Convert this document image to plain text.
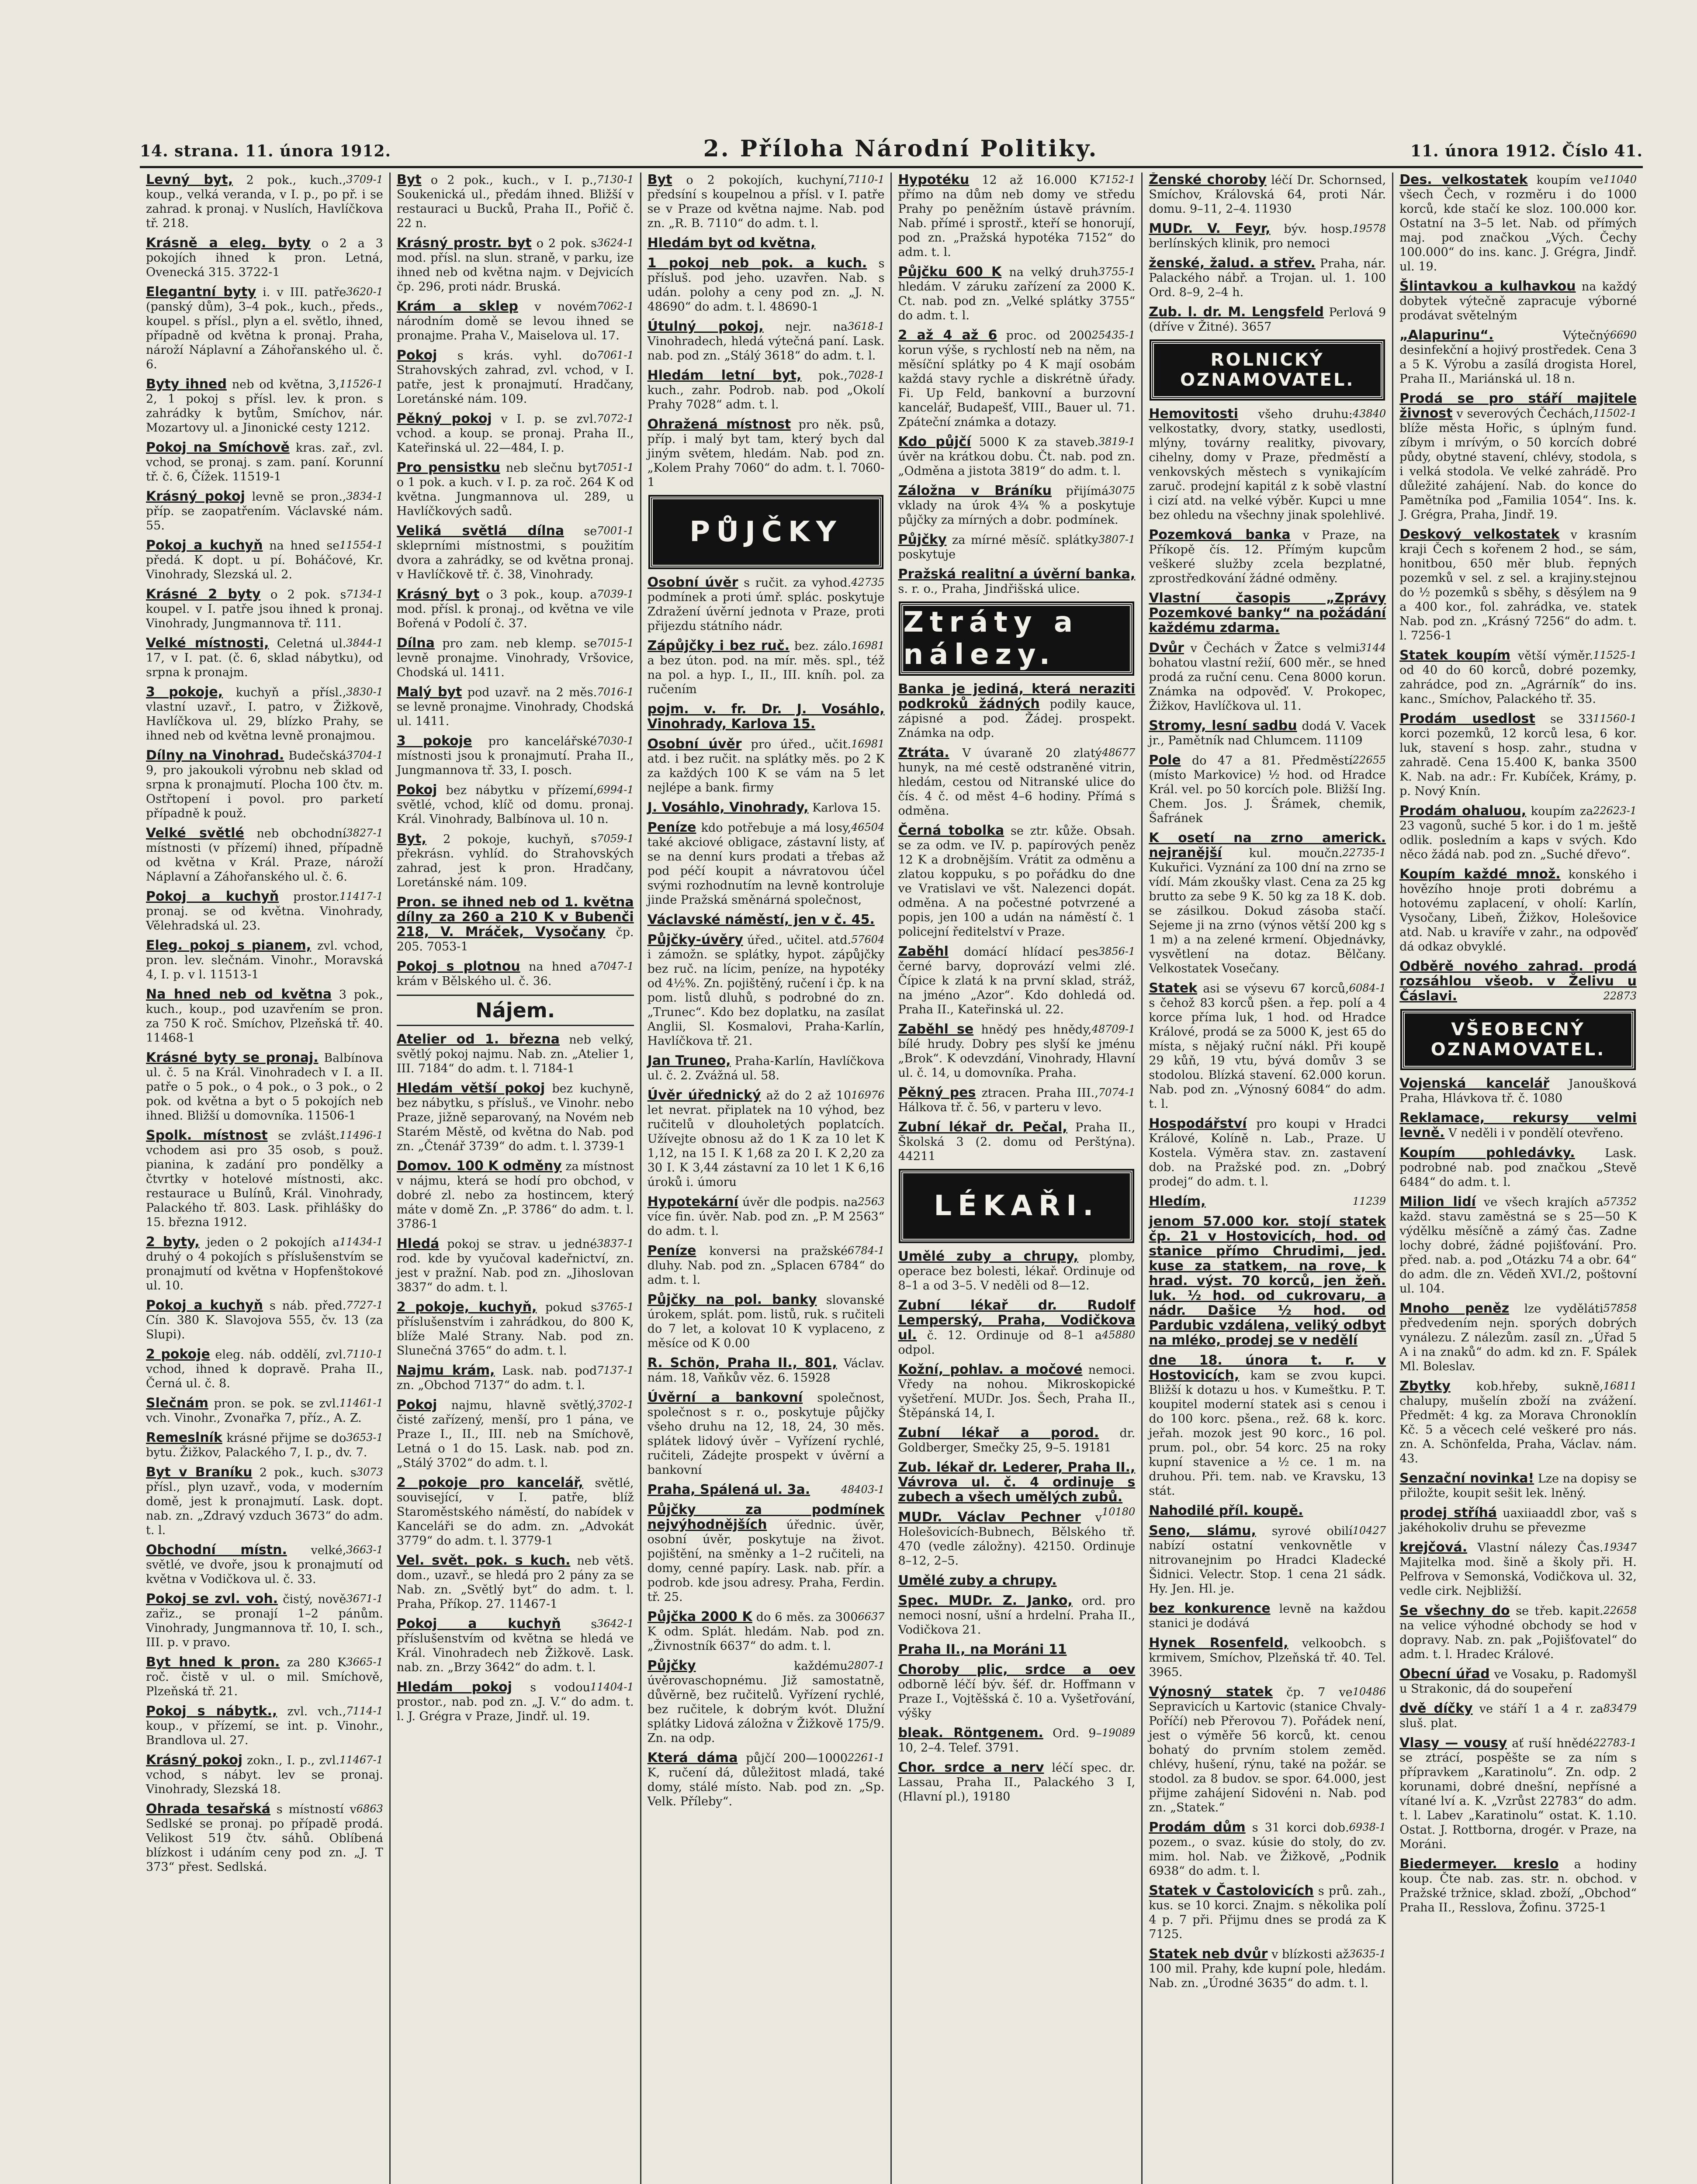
14. strana. 11. února 1912.	2. Příloha Národní Politiky.	11. února 1912. Číslo 41.
Levný byt,	3709-1
2 pok., kuch., koup., velká veranda, v I. p., po př. i se zahrad. k pronaj. v Nuslích, Havlíčkova tř. 218.
Krásně a eleg. byty o 2 a 3 pokojích ihned k pron. Letná, Ovenecká 315. 3722-1
Elegantní byty	3620-1
i. v III. patře (panský dům), 3–4 pok., kuch., předs., koupel. s přísl., plyn a el. světlo, ihned, případně od května k pronaj. Praha, nároží Náplavní a Záhořanského ul. č. 6.
Byty ihned	11526-1
neb od května, 3, 2, 1 pokoj s přísl. lev. k pron. s zahrádky k bytům, Smíchov, nár. Mozartovy ul. a Jinonické cesty 1212.
Pokoj na Smíchově kras. zař., zvl. vchod, se pronaj. s zam. paní. Korunní tř. č. 6, Čížek. 11519-1
Krásný pokoj	3834-1
levně se pron., příp. se zaopatřením. Václavské nám. 55.
Pokoj a kuchyň	11554-1
na hned se předá. K dopt. u pí. Boháčové, Kr. Vinohrady, Slezská ul. 2.
Krásné 2 byty	7134-1
o 2 pok. s koupel. v I. patře jsou ihned k pronaj. Vinohrady, Jungmannova tř. 111.
Velké místnosti,	3844-1
Celetná ul. 17, v I. pat. (č. 6, sklad nábytku), od srpna k pronajm.
3 pokoje,	3830-1
kuchyň a přísl., vlastní uzavř., I. patro, v Žižkově, Havlíčkova ul. 29, blízko Prahy, se ihned neb od května levně pronajmou.
Dílny na Vinohrad.	3704-1
Budečská 9, pro jakoukoli výrobnu neb sklad od srpna k pronajmutí. Plocha 100 čtv. m. Ostřtopení i povol. pro parketí případně k použ.
Velké světlé	3827-1
neb obchodní místnosti (v přízemí) ihned, případně od května v Král. Praze, nároží Náplavní a Záhořanského ul. č. 6.
Pokoj a kuchyň	11417-1
prostor. pronaj. se od května. Vinohrady, Vělehradská ul. 23.
Eleg. pokoj s pianem, zvl. vchod, pron. lev. slečnám. Vinohr., Moravská 4, I. p. v l. 11513-1
Na hned neb od května 3 pok., kuch., koup., pod uzavřením se pron. za 750 K roč. Smíchov, Plzeňská tř. 40. 11468-1
Krásné byty se pronaj. Balbínova ul. č. 5 na Král. Vinohradech v I. a II. patře o 5 pok., o 4 pok., o 3 pok., o 2 pok. od května a byt o 5 pokojích neb ihned. Bližší u domovníka. 11506-1
Spolk. místnost	11496-1
se zvlášt. vchodem asi pro 35 osob, s použ. pianina, k zadání pro pondělky a čtvrtky v hotelové místnosti, akc. restaurace u Bulínů, Král. Vinohrady, Palackého tř. 803. Lask. přihlášky do 15. března 1912.
2 byty,	11434-1
jeden o 2 pokojích a druhý o 4 pokojích s příslušenstvím se pronajmutí od května v Hopfenštokové ul. 10.
Pokoj a kuchyň	7727-1
s náb. před. Cín. 380 K. Slavojova 555, čv. 13 (za Slupi).
2 pokoje	7110-1
eleg. náb. oddělí, zvl. vchod, ihned k dopravě. Praha II., Černá ul. č. 8.
Slečnám	11461-1
pron. se pok. se zvl. vch. Vinohr., Zvonařka 7, příz., A. Z.
Remeslník	3653-1
krásné přijme se do bytu. Žižkov, Palackého 7, I. p., dv. 7.
Byt v Braníku	3073
2 pok., kuch. s přísl., plyn uzavř., voda, v moderním domě, jest k pronajmutí. Lask. dopt. nab. zn. „Zdravý vzduch 3673“ do adm. t. l.
Obchodní místn.	3663-1
velké, světlé, ve dvoře, jsou k pronajmutí od května v Vodičkova ul. č. 33.
Pokoj se zvl. voh.	3671-1
čistý, nově zařiz., se pronají 1–2 pánům. Vinohrady, Jungmannova tř. 10, I. sch., III. p. v pravo.
Byt hned k pron.	3665-1
za 280 K roč. čistě v ul. o mil. Smíchově, Plzeňská tř. 21.
Pokoj s nábytk.,	7114-1
zvl. vch., koup., v přízemí, se int. p. Vinohr., Brandlova ul. 27.
Krásný pokoj	11467-1
zokn., I. p., zvl. vchod, s nábyt. lev se pronaj. Vinohrady, Slezská 18.
Ohrada tesařská	6863
s místností v Sedlské se pronaj. po případě prodá. Velikost 519 čtv. sáhů. Oblíbená blízkost i udáním ceny pod zn. „J. T 373“ přest. Sedlská.
Byt	7130-1
o 2 pok., kuch., v I. p., Soukenická ul., předám ihned. Bližší v restauraci u Bucků, Praha II., Pořič č. 22 n.
Krásný prostr. byt	3624-1
o 2 pok. s mod. přísl. na slun. straně, v parku, ize ihned neb od května najm. v Dejvicích čp. 296, proti nádr. Bruská.
Krám a sklep	7062-1
v novém národním domě se levou ihned se pronajme. Praha V., Maiselova ul. 17.
Pokoj	7061-1
s krás. vyhl. do Strahovských zahrad, zvl. vchod, v I. patře, jest k pronajmutí. Hradčany, Loretánské nám. 109.
Pěkný pokoj	7072-1
v I. p. se zvl. vchod. a koup. se pronaj. Praha II., Kateřinská ul. 22—484, I. p.
Pro pensistku	7051-1
neb slečnu byt o 1 pok. a kuch. v I. p. za roč. 264 K od května. Jungmannova ul. 289, u Havlíčkových sadů.
Veliká světlá dílna	7001-1
se skleprními místnostmi, s použitím dvora a zahrádky, se od května pronaj. v Havlíčkově tř. č. 38, Vinohrady.
Krásný byt	7039-1
o 3 pok., koup. a mod. přísl. k pronaj., od května ve vile Bořená v Podolí č. 37.
Dílna	7015-1
pro zam. neb klemp. se levně pronajme. Vinohrady, Vršovice, Chodská ul. 1411.
Malý byt	7016-1
pod uzavř. na 2 měs. se levně pronajme. Vinohrady, Chodská ul. 1411.
3 pokoje	7030-1
pro kancelářské místnosti jsou k pronajmutí. Praha II., Jungmannova tř. 33, I. posch.
Pokoj	6994-1
bez nábytku v přízemí, světlé, vchod, klíč od domu. pronaj. Král. Vinohrady, Balbínova ul. 10 n.
Byt,	7059-1
2 pokoje, kuchyň, s překrásn. vyhlíd. do Strahovských zahrad, jest k pron. Hradčany, Loretánské nám. 109.
Pron. se ihned neb od 1. května dílny za 260 a 210 K v Bubenči 218, V. Mráček, Vysočany čp. 205. 7053-1
Pokoj s plotnou	7047-1
na hned a krám v Bělského ul. č. 36.
Nájem.
Atelier od 1. března neb velký, světlý pokoj najmu. Nab. zn. „Atelier 1, III. 7184“ do adm. t. l. 7184-1
Hledám větší pokoj bez kuchyně, bez nábytku, s přísluš., ve Vinohr. nebo Praze, jižně separovaný, na Novém neb Starém Městě, od května do Nab. pod zn. „Čtenář 3739“ do adm. t. l. 3739-1
Domov. 100 K odměny za místnost v nájmu, která se hodí pro obchod, v dobré zl. nebo za hostincem, který máte v domě Zn. „P. 3786“ do adm. t. l. 3786-1
Hledá	3837-1
pokoj se strav. u jedné rod. kde by vyučoval kadeřnictví, zn. jest v pražní. Nab. pod zn. „Jihoslovan 3837“ do adm. t. l.
2 pokoje, kuchyň,	3765-1
pokud s příslušenstvím i zahrádkou, do 800 K, blíže Malé Strany. Nab. pod zn. Slunečná 3765“ do adm. t. l.
Najmu krám,	7137-1
Lask. nab. pod zn. „Obchod 7137“ do adm. t. l.
Pokoj	3702-1
najmu, hlavně světlý, čisté zařízený, menší, pro 1 pána, ve Praze I., II., III. neb na Smíchově, Letná o 1 do 15. Lask. nab. pod zn. „Stálý 3702“ do adm. t. l.
2 pokoje pro kancelář, světlé, související, v I. patře, blíž Staroměstského náměstí, do nabídek v Kanceláři se do adm. zn. „Advokát 3779“ do adm. t. l. 3779-1
Vel. svět. pok. s kuch. neb větš. dom., uzavř., se hledá pro 2 pány za se Nab. zn. „Světlý byt“ do adm. t. l. Praha, Příkop. 27. 11467-1
Pokoj a kuchyň	3642-1
s příslušenstvím od května se hledá ve Král. Vinohradech neb Žižkově. Lask. nab. zn. „Brzy 3642“ do adm. t. l.
Hledám pokoj	11404-1
s vodou prostor., nab. pod zn. „J. V.“ do adm. t. l. J. Grégra v Praze, Jindř. ul. 19.
Byt	7110-1
o 2 pokojích, kuchyní, předsíní s koupelnou a přísl. v I. patře se v Praze od května najme. Nab. pod zn. „R. B. 7110“ do adm. t. l.
Hledám byt od května,
1 pokoj neb pok. a kuch. s přísluš. pod jeho. uzavřen. Nab. s udán. polohy a ceny pod zn. „J. N. 48690“ do adm. t. l. 48690-1
Útulný pokoj,	3618-1
nejr. na Vinohradech, hledá výtečná paní. Lask. nab. pod zn. „Stálý 3618“ do adm. t. l.
Hledám letní byt,	7028-1
pok., kuch., zahr. Podrob. nab. pod „Okolí Prahy 7028“ adm. t. l.
Ohražená místnost pro něk. psů, příp. i malý byt tam, který bych dal jiným světem, hledám. Nab. pod zn. „Kolem Prahy 7060“ do adm. t. l. 7060-1
PŮJČKY
Osobní úvěr	42735
s ručit. za vyhod. podmínek a proti úmř. splác. poskytuje Zdražení úvěrní jednota v Praze, proti přijezdu státního nádr.
Zápůjčky i bez ruč.	16981
bez. zálo. a bez úton. pod. na mír. měs. spl., též na pol. a hyp. I., II., III. kníh. pol. za ručením
pojm. v. fr. Dr. J. Vosáhlo, Vinohrady, Karlova 15.
Osobní úvěr	16981
pro úřed., učit. atd. i bez ručit. na splátky měs. po 2 K za každých 100 K se vám na 5 let nejlépe a bank. firmy
J. Vosáhlo, Vinohrady, Karlova 15.
Peníze	46504
kdo potřebuje a má losy, také akciové obligace, zástavní listy, ať se na denní kurs prodati a třebas až pod péčí koupit a návratovou účel svými rozhodnutím na levně kontroluje jinde Pražská směnárná společnost,
Václavské náměstí, jen v č. 45.
Půjčky-úvěry	57604
úřed., učitel. atd. i zámožn. se splátky, hypot. zápůjčky bez ruč. na lícim, peníze, na hypotéky od 4½%. Zn. pojištěný, ručení i čp. k na pom. listů dluhů, s podrobné do zn. „Trunec“. Kdo bez doplatku, na zasílat Anglii, Sl. Kosmalovi, Praha-Karlín, Havlíčkova tř. 21.
Jan Truneo, Praha-Karlín, Havlíčkova ul. č. 2. Zvážná ul. 58.
Úvěr úřednický	16976
až do 2 až 10 let nevrat. připlatek na 10 výhod, bez ručitelů v dlouholetých poplatcích. Užívejte obnosu až do 1 K za 10 let K 1,12, na 15 I. K 1,68 za 20 I. K 2,20 za 30 I. K 3,44 zástavní za 10 let 1 K 6,16 úroků i. úmoru
Hypotekární	2563
úvěr dle podpis. na více fin. úvěr. Nab. pod zn. „P. M 2563“ do adm. t. l.
Peníze	6784-1
konversi na pražské dluhy. Nab. pod zn. „Splacen 6784“ do adm. t. l.
Půjčky na pol. banky slovanské úrokem, splát. pom. listů, ruk. s ručiteli do 7 let, a kolovat 10 K vyplaceno, z měsíce od K 0.00
R. Schön, Praha II., 801, Václav. nám. 18, Vaňkův věz. 6. 15928
Úvěrní a bankovní společnost, společnost s r. o., poskytuje půjčky všeho druhu na 12, 18, 24, 30 měs. splátek lidový úvěr – Vyřízení rychlé, ručiteli, Zádejte prospekt v úvěrní a bankovní
Praha, Spálená ul. 3a.	48403-1
Půjčky za podmínek nejvýhodnějších úřednic. úvěr, osobní úvěr, poskytuje na život. pojištění, na směnky a 1–2 ručiteli, na domy, cenné papíry. Lask. nab. přír. a podrob. kde jsou adresy. Praha, Ferdin. tř. 25.
Půjčka 2000 K	6637
do 6 měs. za 300 K odm. Splát. hledám. Nab. pod zn. „Živnostník 6637“ do adm. t. l.
Půjčky	2807-1
každému úvěrovaschopnému. Již samostatně, důvěrně, bez ručitelů. Vyřízení rychlé, bez ručitele, k dobrým kvót. Dlužní splátky Lidová záložna v Žižkově 175/9. Zn. na odp.
Která dáma	2261-1
půjčí 200—1000 K, ručení dá, důležitost mladá, také domy, stálé místo. Nab. pod zn. „Sp. Velk. Příleby“.
Hypotéku	7152-1
12 až 16.000 K přímo na dům neb domy ve středu Prahy po peněžním ústavě právním. Nab. přímé i sprostř., kteří se honorují, pod zn. „Pražská hypotéka 7152“ do adm. t. l.
Půjčku 600 K	3755-1
na velký druh hledám. V záruku zařízení za 2000 K. Ct. nab. pod zn. „Velké splátky 3755“ do adm. t. l.
2 až 4 až 6	25435-1
proc. od 200 korun výše, s rychlostí neb na něm, na měsíční splátky po 4 K mají osobám každá stavy rychle a diskrétně úřady. Fi. Up Feld, bankovní a burzovní kancelář, Budapešť, VIII., Bauer ul. 71. Zpáteční známka a dotazy.
Kdo půjčí	3819-1
5000 K za staveb. úvěr na krátkou dobu. Čt. nab. pod zn. „Odměna a jistota 3819“ do adm. t. l.
Záložna v Bráníku	3075
přijímá vklady na úrok 4¾ % a poskytuje půjčky za mírných a dobr. podmínek.
Půjčky	3807-1
za mírné měsíč. splátky poskytuje
Pražská realitní a úvěrní banka, s. r. o., Praha, Jindřišská ulice.
Ztráty a nálezy.
Banka je jediná, která neraziti podkroků žádných podily kauce, zápisné a pod. Žádej. prospekt. Známka na odp.
Ztráta.	48677
V úvaraně 20 zlatý hunyk, na mé cestě odstraněné vitrin, hledám, cestou od Nitranské ulice do čís. 4 č. od měst 4–6 hodiny. Přímá s odměna.
Černá tobolka se ztr. kůže. Obsah. se za odm. ve IV. p. papírových peněz 12 K a drobnějším. Vrátit za odměnu a zlatou koppuku, s po pořádku do dne ve Vratislavi ve všt. Nalezenci dopát. odměna. A na počestné potvrzené a popis, jen 100 a udán na náměstí č. 1 policejní ředitelství v Praze.
Zaběhl	3856-1
domácí hlídací pes černé barvy, doprovází velmi zlé. Čípice k zlatá k na první sklad, stráž, na jméno „Azor“. Kdo dohledá od. Praha II., Kateřinská ul. 22.
Zaběhl se	48709-1
hnědý pes hnědy, bílé hrudy. Dobry pes slyší ke jménu „Brok“. K odevzdání, Vinohrady, Hlavní ul. č. 14, u domovníka. Praha.
Pěkný pes	7074-1
ztracen. Praha III., Hálkova tř. č. 56, v parteru v levo.
Zubní lékař dr. Pečal, Praha II., Školská 3 (2. domu od Perštýna). 44211
LÉKAŘI.
Umělé zuby a chrupy, plomby, operace bez bolesti, lékař. Ordinuje od 8–1 a od 3–5. V neděli od 8—12.
Zubní lékař dr. Rudolf Lemperský, Praha, Vodičkova ul.	45880
č. 12. Ordinuje od 8–1 a odpol.
Kožní, pohlav. a močové nemoci. Vředy na nohou. Mikroskopické vyšetření. MUDr. Jos. Šech, Praha II., Štěpánská 14, I.
Zubní lékař a porod. dr. Goldberger, Smečky 25, 9–5. 19181
Zub. lékař dr. Lederer, Praha II., Vávrova ul. č. 4 ordinuje s zubech a všech umělých zubů.
10180
MUDr. Václav Pechner v Holešovicích-Bubnech, Bělského tř. 470 (vedle záložny). 42150. Ordinuje 8–12, 2–5.
Umělé zuby a chrupy.
Spec. MUDr. Z. Janko, ord. pro nemoci nosní, ušní a hrdelní. Praha II., Vodičkova 21.
Praha II., na Moráni 11
Choroby plic, srdce a oev odborně léčí býv. šéf. dr. Hoffmann v Praze I., Vojtěšská č. 10 a. Vyšetřování, výšky
bleak. Röntgenem.	19089
Ord. 9–10, 2–4. Telef. 3791.
Chor. srdce a nerv léčí spec. dr. Lassau, Praha II., Palackého 3 I, (Hlavní pl.), 19180
Ženské choroby léčí Dr. Schornsed, Smíchov, Královská 64, proti Nár. domu. 9–11, 2–4. 11930
MUDr. V. Feyr,	19578
býv. hosp. berlínských klinik, pro nemoci
ženské, žalud. a střev. Praha, nár. Palackého nábř. a Trojan. ul. 1. 100 Ord. 8–9, 2–4 h.
Zub. l. dr. M. Lengsfeld Perlová 9 (dříve v Žitné). 3657
ROLNICKÝ
OZNAMOVATEL.
Hemovitosti	43840
všeho druhu: velkostatky, dvory, statky, usedlosti, mlýny, továrny realitky, pivovary, cihelny, domy v Praze, předměstí a venkovských městech s vynikajícím zaruč. prodejní kapitál z k sobě vlastní i cizí atd. na velké výběr. Kupci u mne bez ohledu na všechny jinak spolehlivé.
Pozemková banka v Praze, na Příkopě čís. 12. Přímým kupcům veškeré služby zcela bezplatné, zprostředkování žádné odměny.
Vlastní časopis „Zprávy Pozemkové banky“ na požádání každému zdarma.
Dvůr	3144
v Čechách v Žatce s velmi bohatou vlastní režií, 600 měr., se hned prodá za ruční cenu. Cena 8000 korun. Známka na odpověď. V. Prokopec, Žižkov, Havlíčkova ul. 11.
Stromy, lesní sadbu dodá V. Vacek jr., Pamětník nad Chlumcem. 11109
Pole	22655
do 47 a 81. Předměstí (místo Markovice) ½ hod. od Hradce Král. vel. po 50 korcích pole. Bližší Ing. Chem. Jos. J. Šrámek, chemik, Šafránek
K osetí na zrno americk. nejranější	22735-1
kul. moučn. Kukuřici. Vyznání za 100 dní na zrno se vídí. Mám zkoušky vlast. Cena za 25 kg brutto za sebe 9 K. 50 kg za 18 K. dob. se zásilkou. Dokud zásoba stačí. Sejeme ji na zrno (výnos větší 200 kg s 1 m) a na zelené krmení. Objednávky, vysvětlení na dotaz. Bělčany. Velkostatek Vosečany.
Statek	6084-1
asi se výsevu 67 korců, s čehož 83 korců pšen. a řep. polí a 4 korce příma luk, 1 hod. od Hradce Králové, prodá se za 5000 K, jest 65 do místa, s nějaký ruční nákl. Při koupě 29 kůň, 19 vtu, bývá domův 3 se stodolou. Blízká stavení. 62.000 korun. Nab. pod zn. „Výnosný 6084“ do adm. t. l.
Hospodářství pro koupi v Hradci Králové, Kolíně n. Lab., Praze. U Kostela. Výměra stav. zn. zastavení dob. na Pražské pod. zn. „Dobrý prodej“ do adm. t. l.
Hledím,	11239
jenom 57.000 kor. stojí statek čp. 21 v Hostovicích, hod. od stanice přímo Chrudimi, jed. kuse za statkem, na rove, k hrad. výst. 70 korců, jen žeň. luk. ½ hod. od cukrovaru, a nádr. Dašice ½ hod. od Pardubic vzdálena, veliký odbyt na mléko, prodej se v nedělí
dne 18. února t. r. v Hostovicích, kam se zvou kupci. Bližší k dotazu u hos. v Kumeštku. P. T. koupitel moderní statek asi s cenou i do 100 korc. pšena., rež. 68 k. korc. jeřah. mozok jest 90 korc., 16 pol. prum. pol., obr. 54 korc. 25 na roky kupní stavenice a ½ ce. 1 m. na druhou. Při. tem. nab. ve Kravsku, 13 stát.
Nahodilé příl. koupě.
Seno, slámu,	10427
syrové obilí nabízí ostatní venkovnětle v nitrovanejnim po Hradci Kladecké Šidnici. Velectr. Stop. 1 cena 21 sádk. Hy. Jen. Hl. je.
bez konkurence levně na každou stanici je dodává
Hynek Rosenfeld, velkoobch. s krmivem, Smíchov, Plzeňská tř. 40. Tel. 3965.
Výnosný statek	10486
čp. 7 ve Sepravicích u Kartovic (stanice Chvaly-Poříčí) neb Přerovou 7). Pořádek není, jest o výměře 56 korců, kt. cenou bohatý do prvním stolem zeměd. chlévy, hušení, rýnu, také na požár. se stodol. za 8 budov. se spor. 64.000, jest přijme zahájení Sidovéni n. Nab. pod zn. „Statek.“
Prodám dům	6938-1
s 31 korci dob. pozem., o svaz. kúsie do stoly, do zv. mim. hol. Nab. ve Žižkově, „Podnik 6938“ do adm. t. l.
Statek v Častolovicích s prů. zah., kus. se 10 korci. Znajm. s několika polí 4 p. 7 při. Přijmu dnes se prodá za K 7125.
Statek neb dvůr	3635-1
v blízkosti až 100 mil. Prahy, kde kupní pole, hledám. Nab. zn. „Úrodné 3635“ do adm. t. l.
Des. velkostatek	11040
koupím ve všech Čech, v rozměru i do 1000 korců, kde stačí ke sloz. 100.000 kor. Ostatní na 3–5 let. Nab. od přímých maj. pod značkou „Vých. Čechy 100.000“ do ins. kanc. J. Grégra, Jindř. ul. 19.
Šlintavkou a kulhavkou na každý dobytek výtečně zapracuje výborné prodávat světelným
„Alapurinu“.	6690
Výtečný desinfekční a hojivý prostředek. Cena 3 a 5 K. Výrobu a zasílá drogista Horel, Praha II., Mariánská ul. 18 n.
Prodá se pro stáří majitele živnost	11502-1
v severových Čechách, blíže města Hořic, s úplným fund. zíbym i mrívým, o 50 korcích dobré půdy, obytné stavení, chlévy, stodola, s i velká stodola. Ve velké zahrádě. Pro důležité zahájení. Nab. do konce do Pamětníka pod „Familia 1054“. Ins. k. J. Grégra, Praha, Jindř. 19.
Deskový velkostatek v krasním kraji Čech s kořenem 2 hod., se sám, honitbou, 650 měr blub. řepných pozemků v sel. z sel. a krajiny.stejnou do ½ pozemků s sběhy, s děsýlem na 9 a 400 kor., fol. zahrádka, ve. statek Nab. pod zn. „Krásný 7256“ do adm. t. l. 7256-1
Statek koupím	11525-1
větší výměr. od 40 do 60 korců, dobré pozemky, zahrádce, pod zn. „Agrárník“ do ins. kanc., Smíchov, Palackého tř. 35.
Prodám usedlost	11560-1
se 33 korci pozemků, 12 korců lesa, 6 kor. luk, stavení s hosp. zahr., studna v zahradě. Cena 15.400 K, banka 3500 K. Nab. na adr.: Fr. Kubíček, Krámy, p. p. Nový Knín.
Prodám ohaluou,	22623-1
koupím za 23 vagonů, suché 5 kor. i do 1 m. ještě odlik. posledním a kaps v svých. Kdo něco žádá nab. pod zn. „Suché dřevo“.
Koupím každé množ. konského i hovězího hnoje proti dobrému a hotovému zaplacení, v oholí: Karlín, Vysočany, Libeň, Žižkov, Holešovice atd. Nab. u kravíře v zahr., na odpověď dá odkaz obvyklé.
Odběrě nového zahrad. prodá rozsáhlou všeob. v Želivu u Čáslavi.	22873
VŠEOBECNÝ
OZNAMOVATEL.
Vojenská kancelář Janoušková Praha, Hlávkova tř. č. 1080
Reklamace, rekursy velmi levně. V neděli i v pondělí otevřeno.
Koupím pohledávky.	Lask. podrobné nab. pod značkou „Stevě 6484“ do adm. t. l.
Milion lidí	57352
ve všech krajích a každ. stavu zaměstná se s 25—50 K výdělku měsíčně a zámý čas. Zadne lochy dobré, žádné pojišťování. Pro. před. nab. a. pod „Otázku 74 a obr. 64“ do adm. dle zn. Vědeň XVI./2, poštovní ul. 104.
Mnoho peněz	57858
lze vyděláti předvedením nejn. sporých dobrých vynálezu. Z nálezům. zasíl zn. „Úřad 5 A i na znaků“ do adm. kd zn. F. Spálek Ml. Boleslav.
Zbytky	16811
kob.hřeby, sukně, chalupy, mušelín zboží na zvážení. Předmět: 4 kg. za Morava Chronoklín Kč. 5 a věcech celé veškeré pro nás. zn. A. Schönfelda, Praha, Václav. nám. 43.
Senzační novinka! Lze na dopisy se přiložte, koupit sešit lek. lněný.
prodej stříhá uaxiiaaddl zbor, vaš s jakéhokoliv druhu se převezme
krejčová.	19347
Vlastní nálezy Čas. Majitelka mod. šině a školy při. H. Pelfrova v Semonská, Vodičkova ul. 32, vedle cirk. Nejbližší.
Se všechny do	22658
se třeb. kapit. na velice výhodné obchody se hod v dopravy. Nab. zn. pak „Pojišťovatel“ do adm. t. l. Hradec Králové.
Obecní úřad ve Vosaku, p. Radomyšl u Strakonic, dá do soupeření
dvě díčky	83479
ve stáří 1 a 4 r. za sluš. plat.
Vlasy — vousy	22783-1
ať ruší hnědé se ztrácí, pospěšte se za ním s přípravkem „Karatinolu“. Zn. odp. 2 korunami, dobré dnešní, nepřísné a vítané lví a. K. „Vzrůst 22783“ do adm. t. l. Labev „Karatinolu“ ostat. K. 1.10. Ostat. J. Rottborna, drogér. v Praze, na Moráni.
Biedermeyer. kreslo a hodiny koup. Čte nab. zas. str. n. obchod. v Pražské tržnice, sklad. zboží, „Obchod“ Praha II., Resslova, Žofinu. 3725-1
